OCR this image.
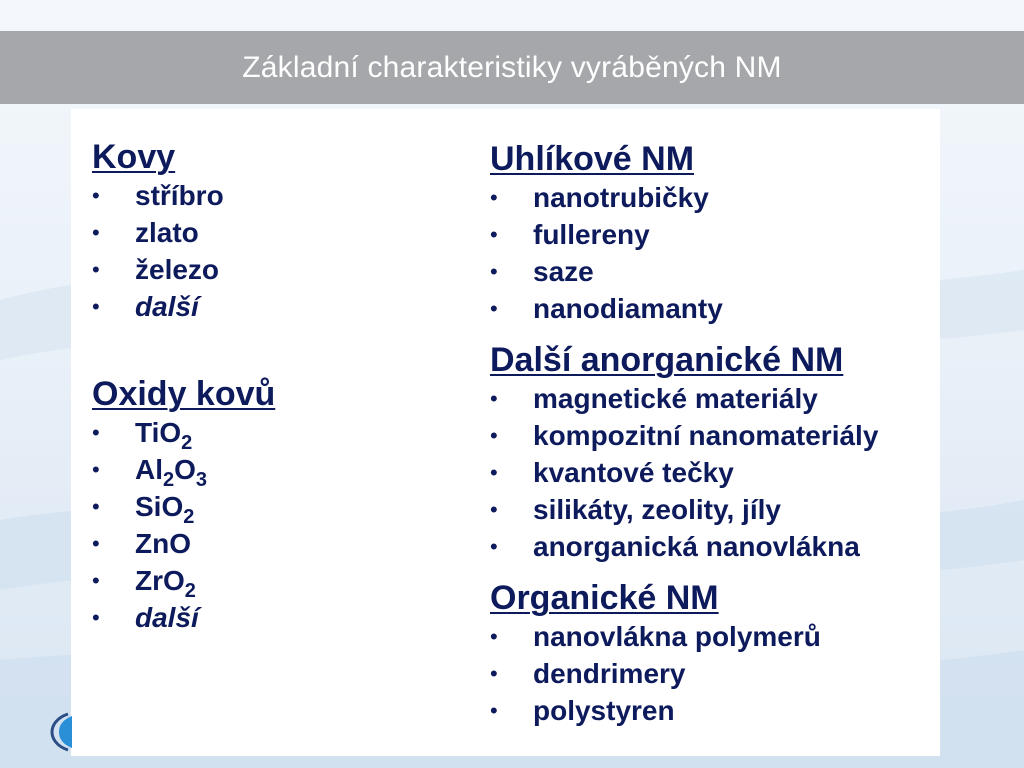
Základní charakteristiky vyráběných NM
Kovy
• stříbro
• zlato
• železo
• další
Oxidy kovů
• TiO$_2$
• $Al_2O_3$
• SiO$_2$
• ZnO
• ZrO$_2$
• další
Uhlíkové NM
• nanotrubičky
• fullereny
• saze
• nanodiamanty
Další anorganické NM
• magnetické materiály
• kompozitní nanomateriály
• kvantové tečky
• silikáty, zeolity, jíly
• anorganická nanovlákna
Organické NM
• nanovlákna polymerů
• dendrimery
• polystyren
